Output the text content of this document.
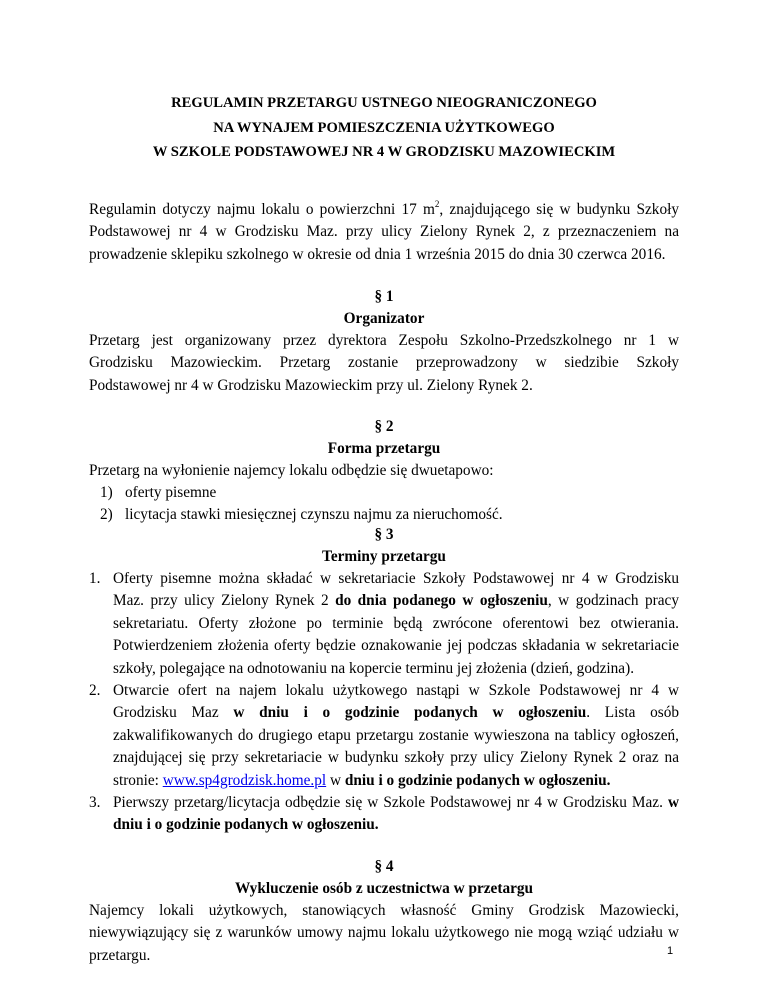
REGULAMIN PRZETARGU USTNEGO NIEOGRANICZONEGO
NA WYNAJEM POMIESZCZENIA UŻYTKOWEGO
W SZKOLE PODSTAWOWEJ NR 4 W GRODZISKU MAZOWIECKIM
Regulamin dotyczy najmu lokalu o powierzchni 17 $m^2$, znajdującego się w budynku Szkoły
Podstawowej nr 4 w Grodzisku Maz. przy ulicy Zielony Rynek 2, z przeznaczeniem na
prowadzenie sklepiku szkolnego w okresie od dnia 1 września 2015 do dnia 30 czerwca 2016.
§ 1
Organizator
Przetarg jest organizowany przez dyrektora Zespołu Szkolno-Przedszkolnego nr 1 w
Grodzisku Mazowieckim. Przetarg zostanie przeprowadzony w siedzibie Szkoły
Podstawowej nr 4 w Grodzisku Mazowieckim przy ul. Zielony Rynek 2.
§ 2
Forma przetargu
Przetarg na wyłonienie najemcy lokalu odbędzie się dwuetapowo:
1) oferty pisemne
2) licytacja stawki miesięcznej czynszu najmu za nieruchomość.
§ 3
Terminy przetargu
1. Oferty pisemne można składać w sekretariacie Szkoły Podstawowej nr 4 w Grodzisku
Maz. przy ulicy Zielony Rynek 2 do dnia podanego w ogłoszeniu, w godzinach pracy
sekretariatu. Oferty złożone po terminie będą zwrócone oferentowi bez otwierania.
Potwierdzeniem złożenia oferty będzie oznakowanie jej podczas składania w sekretariacie
szkoły, polegające na odnotowaniu na kopercie terminu jej złożenia (dzień, godzina).
2. Otwarcie ofert na najem lokalu użytkowego nastąpi w Szkole Podstawowej nr 4 w
Grodzisku Maz w dniu i o godzinie podanych w ogłoszeniu. Lista osób
zakwalifikowanych do drugiego etapu przetargu zostanie wywieszona na tablicy ogłoszeń,
znajdującej się przy sekretariacie w budynku szkoły przy ulicy Zielony Rynek 2 oraz na
stronie: www.sp4grodzisk.home.pl w dniu i o godzinie podanych w ogłoszeniu.
3. Pierwszy przetarg/licytacja odbędzie się w Szkole Podstawowej nr 4 w Grodzisku Maz. w
dniu i o godzinie podanych w ogłoszeniu.
§ 4
Wykluczenie osób z uczestnictwa w przetargu
Najemcy lokali użytkowych, stanowiących własność Gminy Grodzisk Mazowiecki,
niewywiązujący się z warunków umowy najmu lokalu użytkowego nie mogą wziąć udziału w
przetargu.	1
